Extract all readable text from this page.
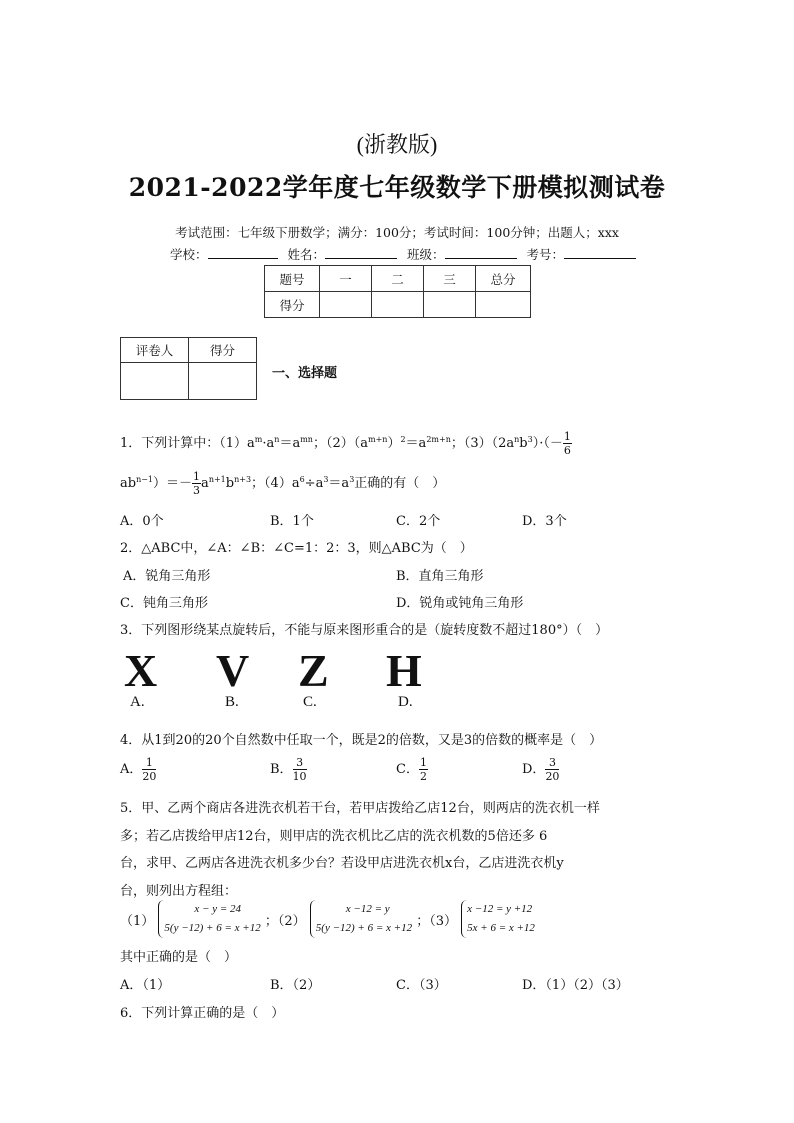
(浙教版)
2021-2022学年度七年级数学下册模拟测试卷
考试范围：七年级下册数学；满分：100分；考试时间：100分钟；出题人；xxx
学校：	姓名：	班级：	考号：
题号	一	二	三	总分
得分				
评卷人	得分

一、选择题
1．下列计算中：$(1)a^m\cdot a^n=a^{mn}$；$(2)(a^{m+n})^2=a^{2m+n}$；$(3)(2a^nb^3)\cdot(- \frac{1}{6}$
$ab^{n-1})=- \frac{1}{3} a^{n+1}b^{n+3}$；$(4)a^6\div a^3=a^3$正确的有（　）
A．0个	B．1个	C．2个	D．3个
2．△ABC中，∠A：∠B：∠C=1：2：3，则△ABC为（　）
A．锐角三角形	B．直角三角形
C．钝角三角形	D．锐角或钝角三角形
3．下列图形绕某点旋转后，不能与原来图形重合的是（旋转度数不超过180°）（　）
X V Z H
A.	B.	C.	D.
4．从1到20的20个自然数中任取一个，既是2的倍数，又是3的倍数的概率是（　）
A． $\frac{1}{20}$	B． $\frac{3}{10}$	C． $\frac{1}{2}$	D． $\frac{3}{20}$
5．甲、乙两个商店各进洗衣机若干台，若甲店拨给乙店12台，则两店的洗衣机一样
多；若乙店拨给甲店12台，则甲店的洗衣机比乙店的洗衣机数的5倍还多 6
台，求甲、乙两店各进洗衣机多少台？若设甲店进洗衣机x台，乙店进洗衣机y
台，则列出方程组：
（1）
x − y = 24
5(y −12) + 6 = x +12 ；（2）
x −12 = y
5(y −12) + 6 = x +12 ；（3）
x −12 = y +12
5x + 6 = x +12
其中正确的是（　）
A．（1）	B．（2）	C．（3）	D．（1）（2）（3）
6．下列计算正确的是（　）
